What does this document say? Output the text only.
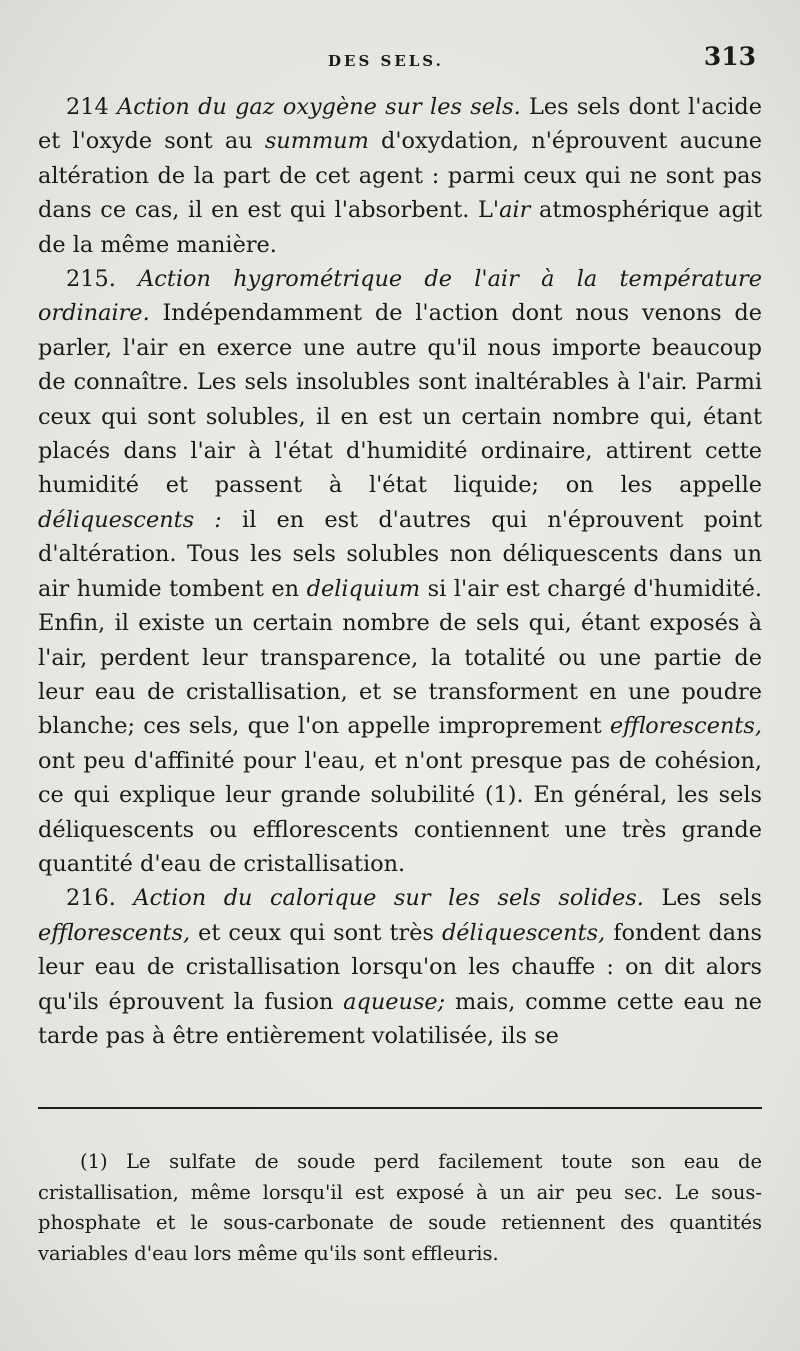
DES SELS.	313

214 Action du gaz oxygène sur les sels. Les sels dont l'acide et l'oxyde sont au summum d'oxydation, n'éprouvent aucune altération de la part de cet agent : parmi ceux qui ne sont pas dans ce cas, il en est qui l'absorbent. L'air atmosphérique agit de la même manière.

215. Action hygrométrique de l'air à la température ordinaire. Indépendamment de l'action dont nous venons de parler, l'air en exerce une autre qu'il nous importe beaucoup de connaître. Les sels insolubles sont inaltérables à l'air. Parmi ceux qui sont solubles, il en est un certain nombre qui, étant placés dans l'air à l'état d'humidité ordinaire, attirent cette humidité et passent à l'état liquide; on les appelle déliquescents : il en est d'autres qui n'éprouvent point d'altération. Tous les sels solubles non déliquescents dans un air humide tombent en deliquium si l'air est chargé d'humidité. Enfin, il existe un certain nombre de sels qui, étant exposés à l'air, perdent leur transparence, la totalité ou une partie de leur eau de cristallisation, et se transforment en une poudre blanche; ces sels, que l'on appelle improprement efflorescents, ont peu d'affinité pour l'eau, et n'ont presque pas de cohésion, ce qui explique leur grande solubilité (1). En général, les sels déliquescents ou efflorescents contiennent une très grande quantité d'eau de cristallisation.

216. Action du calorique sur les sels solides. Les sels efflorescents, et ceux qui sont très déliquescents, fondent dans leur eau de cristallisation lorsqu'on les chauffe : on dit alors qu'ils éprouvent la fusion aqueuse; mais, comme cette eau ne tarde pas à être entièrement volatilisée, ils se

(1) Le sulfate de soude perd facilement toute son eau de cristallisation, même lorsqu'il est exposé à un air peu sec. Le sous-phosphate et le sous-carbonate de soude retiennent des quantités variables d'eau lors même qu'ils sont effleuris.
